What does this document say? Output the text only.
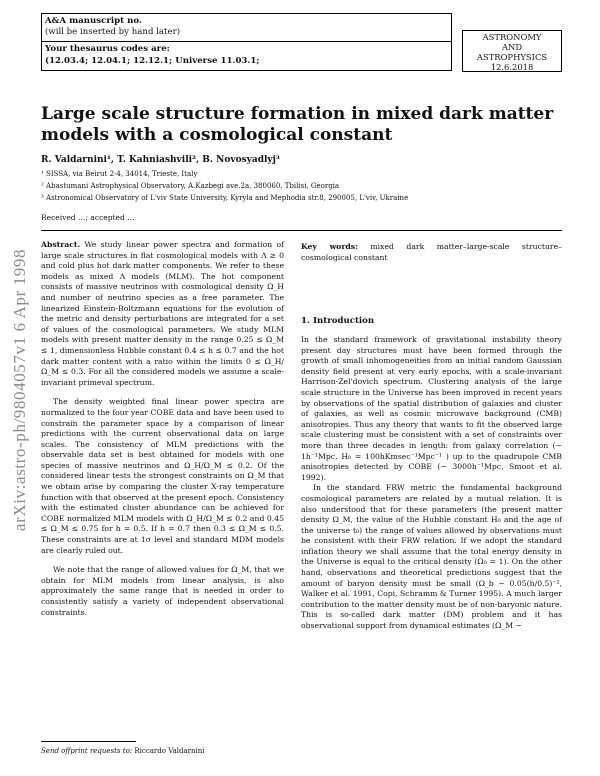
A&A manuscript no.
(will be inserted by hand later)
Your thesaurus codes are:
(12.03.4; 12.04.1; 12.12.1; Universe 11.03.1;
ASTRONOMY
AND
ASTROPHYSICS
12.6.2018
arXiv:astro-ph/9804057v1 6 Apr 1998
Large scale structure formation in mixed dark matter models with a cosmological constant
R. Valdarnini¹, T. Kahniashvili², B. Novosyadlyj³
¹ SISSA, via Beirut 2-4, 34014, Trieste, Italy
² Abastumani Astrophysical Observatory, A.Kazbegi ave.2a, 380060, Tbilisi, Georgia
³ Astronomical Observatory of L'viv State University, Kyryla and Mephodia str.8, 290005, L'viv, Ukraine
Received …; accepted …

Abstract. We study linear power spectra and formation of large scale structures in flat cosmological models with Λ ≥ 0 and cold plus hot dark matter components. We refer to these models as mixed Λ models (MLM). The hot component consists of massive neutrinos with cosmological density Ω_H and number of neutrino species as a free parameter. The linearized Einstein-Boltzmann equations for the evolution of the metric and density perturbations are integrated for a set of values of the cosmological parameters. We study MLM models with present matter density in the range 0.25 ≤ Ω_M ≤ 1, dimensionless Hubble constant 0.4 ≤ h ≤ 0.7 and the hot dark matter content with a ratio within the limits 0 ≤ Ω_H/Ω_M ≤ 0.3. For all the considered models we assume a scale-invariant primeval spectrum.

The density weighted final linear power spectra are normalized to the four year COBE data and have been used to constrain the parameter space by a comparison of linear predictions with the current observational data on large scales. The consistency of MLM predictions with the observable data set is best obtained for models with one species of massive neutrinos and Ω_H/Ω_M ≤ 0.2. Of the considered linear tests the strongest constraints on Ω_M that we obtain arise by comparing the cluster X-ray temperature function with that observed at the present epoch. Consistency with the estimated cluster abundance can be achieved for COBE normalized MLM models with Ω_H/Ω_M ≤ 0.2 and 0.45 ≤ Ω_M ≤ 0.75 for h = 0.5. If h = 0.7 then 0.3 ≤ Ω_M ≤ 0.5. These constraints are at 1σ level and standard MDM models are clearly ruled out.

We note that the range of allowed values for Ω_M, that we obtain for MLM models from linear analysis, is also approximately the same range that is needed in order to consistently satisfy a variety of independent observational constraints.

Key words: mixed dark matter–large-scale structure–cosmological constant
1. Introduction

In the standard framework of gravitational instability theory present day structures must have been formed through the growth of small inhomogeneities from an initial random Gaussian density field present at very early epochs, with a scale-invariant Harrison-Zel'dovich spectrum. Clustering analysis of the large scale structure in the Universe has been improved in recent years by observations of the spatial distribution of galaxies and cluster of galaxies, as well as cosmic microwave background (CMB) anisotropies. Thus any theory that wants to fit the observed large scale clustering must be consistent with a set of constraints over more than three decades in length: from galaxy correlation (∼ 1h⁻¹Mpc, H₀ = 100hKmsec⁻¹Mpc⁻¹ ) up to the quadrupole CMB anisotropies detected by COBE (∼ 3000h⁻¹Mpc, Smoot et al. 1992).

In the standard FRW metric the fundamental background cosmological parameters are related by a mutual relation. It is also understood that for these parameters (the present matter density Ω_M, the value of the Hubble constant H₀ and the age of the universe t₀) the range of values allowed by observations must be consistent with their FRW relation. If we adopt the standard inflation theory we shall assume that the total energy density in the Universe is equal to the critical density (Ω₀ = 1). On the other hand, observations and theoretical predictions suggest that the amount of baryon density must be small (Ω_b ∼ 0.05(h/0.5)⁻², Walker et al. 1991, Copi, Schramm & Turner 1995). A much larger contribution to the matter density must be of non-baryonic nature. This is so-called dark matter (DM) problem and it has observational support from dynamical estimates (Ω_M ∼

Send offprint requests to: Riccardo Valdarnini
